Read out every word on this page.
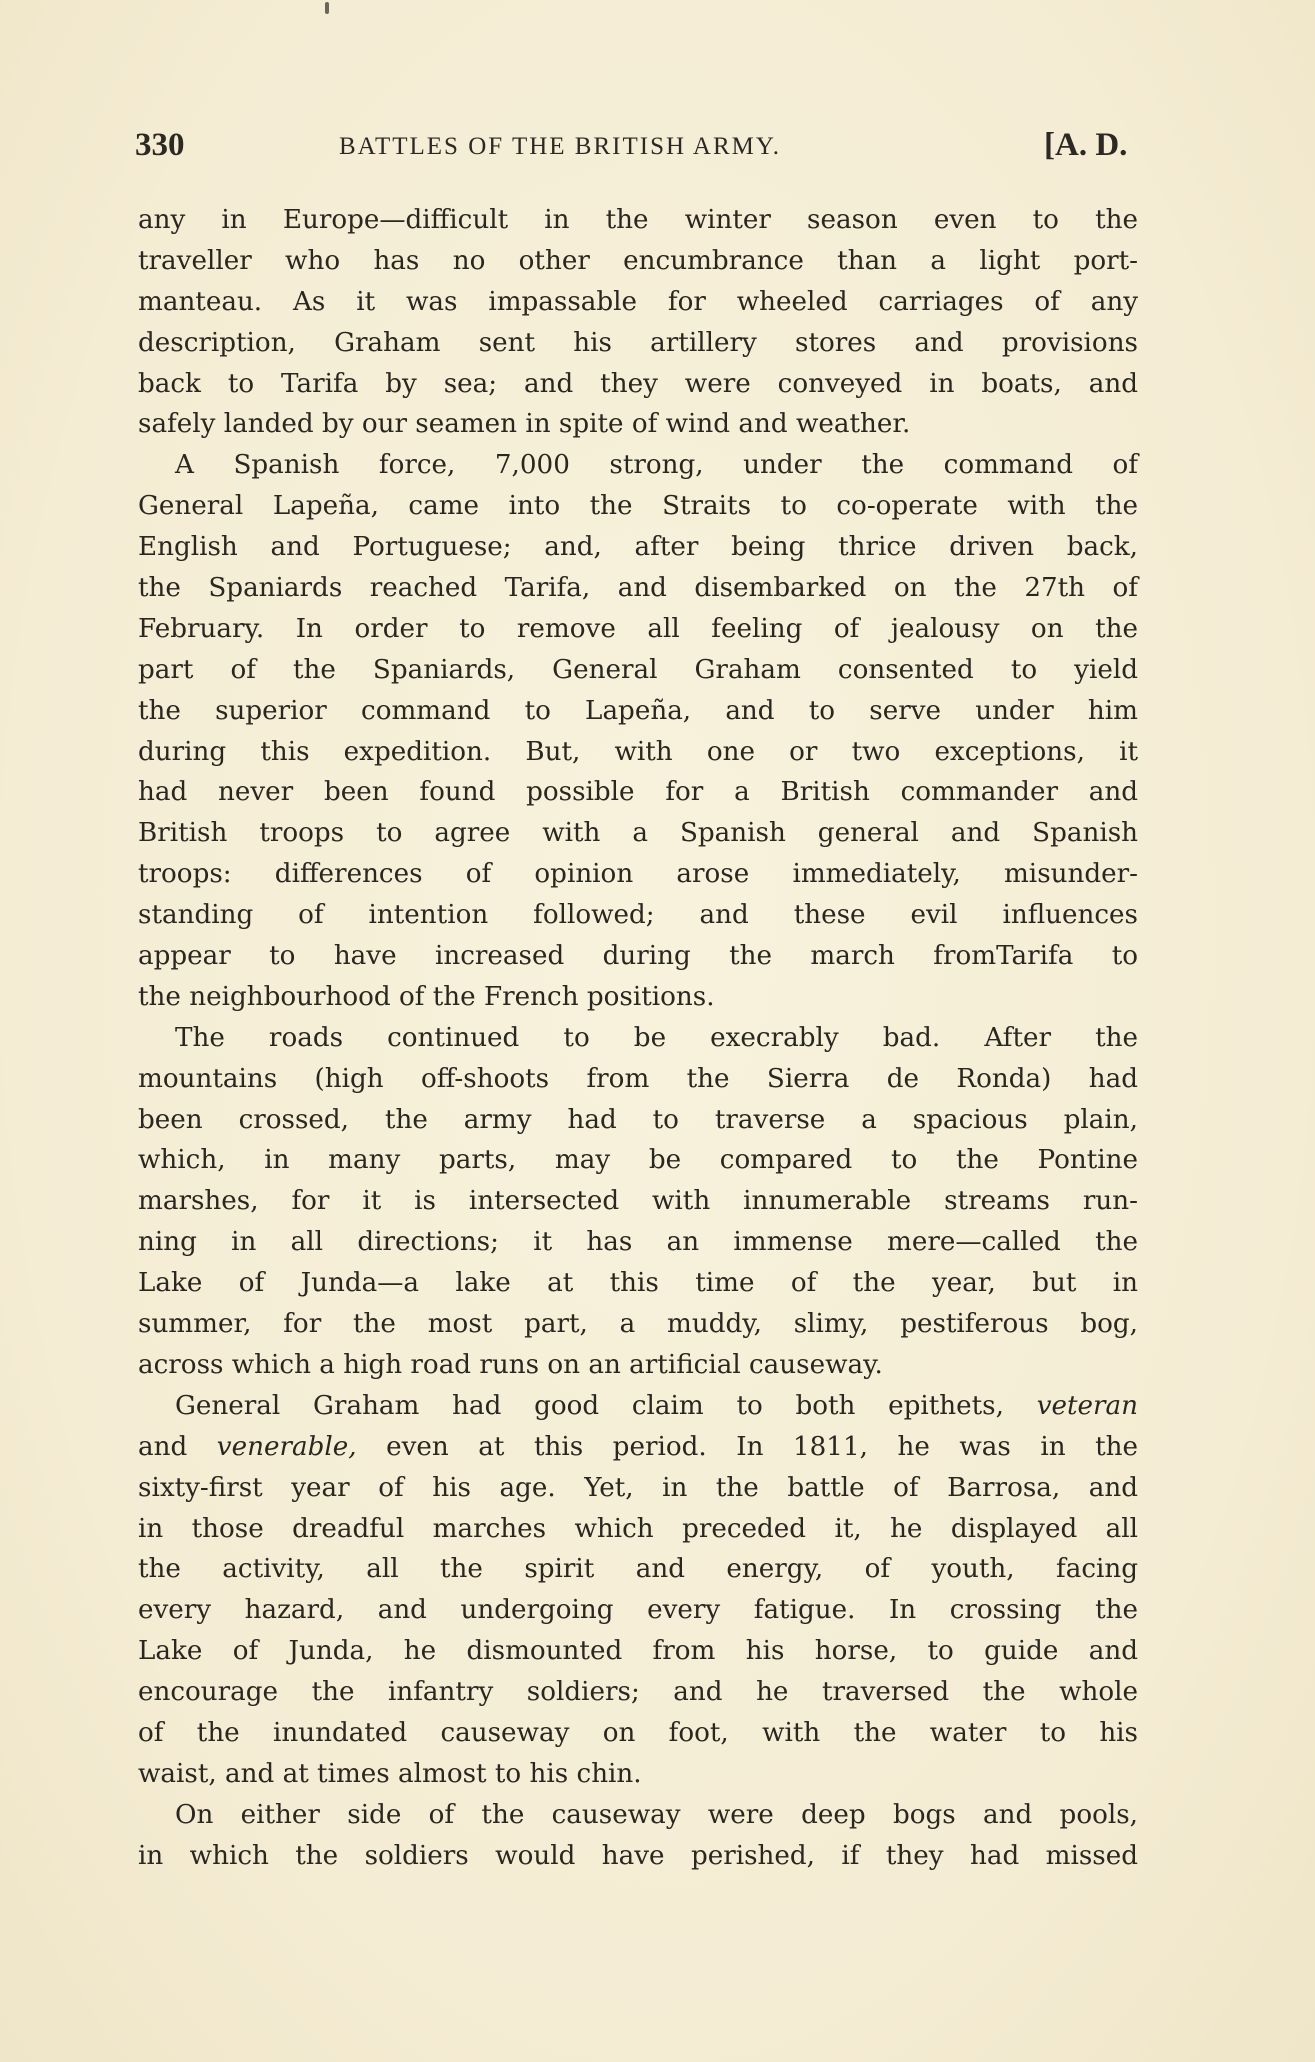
330	BATTLES OF THE BRITISH ARMY.	[A. D.
any in Europe—difficult in the winter season even to the
traveller who has no other encumbrance than a light port-
manteau. As it was impassable for wheeled carriages of any
description, Graham sent his artillery stores and provisions
back to Tarifa by sea; and they were conveyed in boats, and
safely landed by our seamen in spite of wind and weather.
A Spanish force, 7,000 strong, under the command of
General Lapeña, came into the Straits to co-operate with the
English and Portuguese; and, after being thrice driven back,
the Spaniards reached Tarifa, and disembarked on the 27th of
February. In order to remove all feeling of jealousy on the
part of the Spaniards, General Graham consented to yield
the superior command to Lapeña, and to serve under him
during this expedition. But, with one or two exceptions, it
had never been found possible for a British commander and
British troops to agree with a Spanish general and Spanish
troops: differences of opinion arose immediately, misunder-
standing of intention followed; and these evil influences
appear to have increased during the march fromTarifa to
the neighbourhood of the French positions.
The roads continued to be execrably bad. After the
mountains (high off-shoots from the Sierra de Ronda) had
been crossed, the army had to traverse a spacious plain,
which, in many parts, may be compared to the Pontine
marshes, for it is intersected with innumerable streams run-
ning in all directions; it has an immense mere—called the
Lake of Junda—a lake at this time of the year, but in
summer, for the most part, a muddy, slimy, pestiferous bog,
across which a high road runs on an artificial causeway.
General Graham had good claim to both epithets, veteran
and venerable, even at this period. In 1811, he was in the
sixty-first year of his age. Yet, in the battle of Barrosa, and
in those dreadful marches which preceded it, he displayed all
the activity, all the spirit and energy, of youth, facing
every hazard, and undergoing every fatigue. In crossing the
Lake of Junda, he dismounted from his horse, to guide and
encourage the infantry soldiers; and he traversed the whole
of the inundated causeway on foot, with the water to his
waist, and at times almost to his chin.
On either side of the causeway were deep bogs and pools,
in which the soldiers would have perished, if they had missed
